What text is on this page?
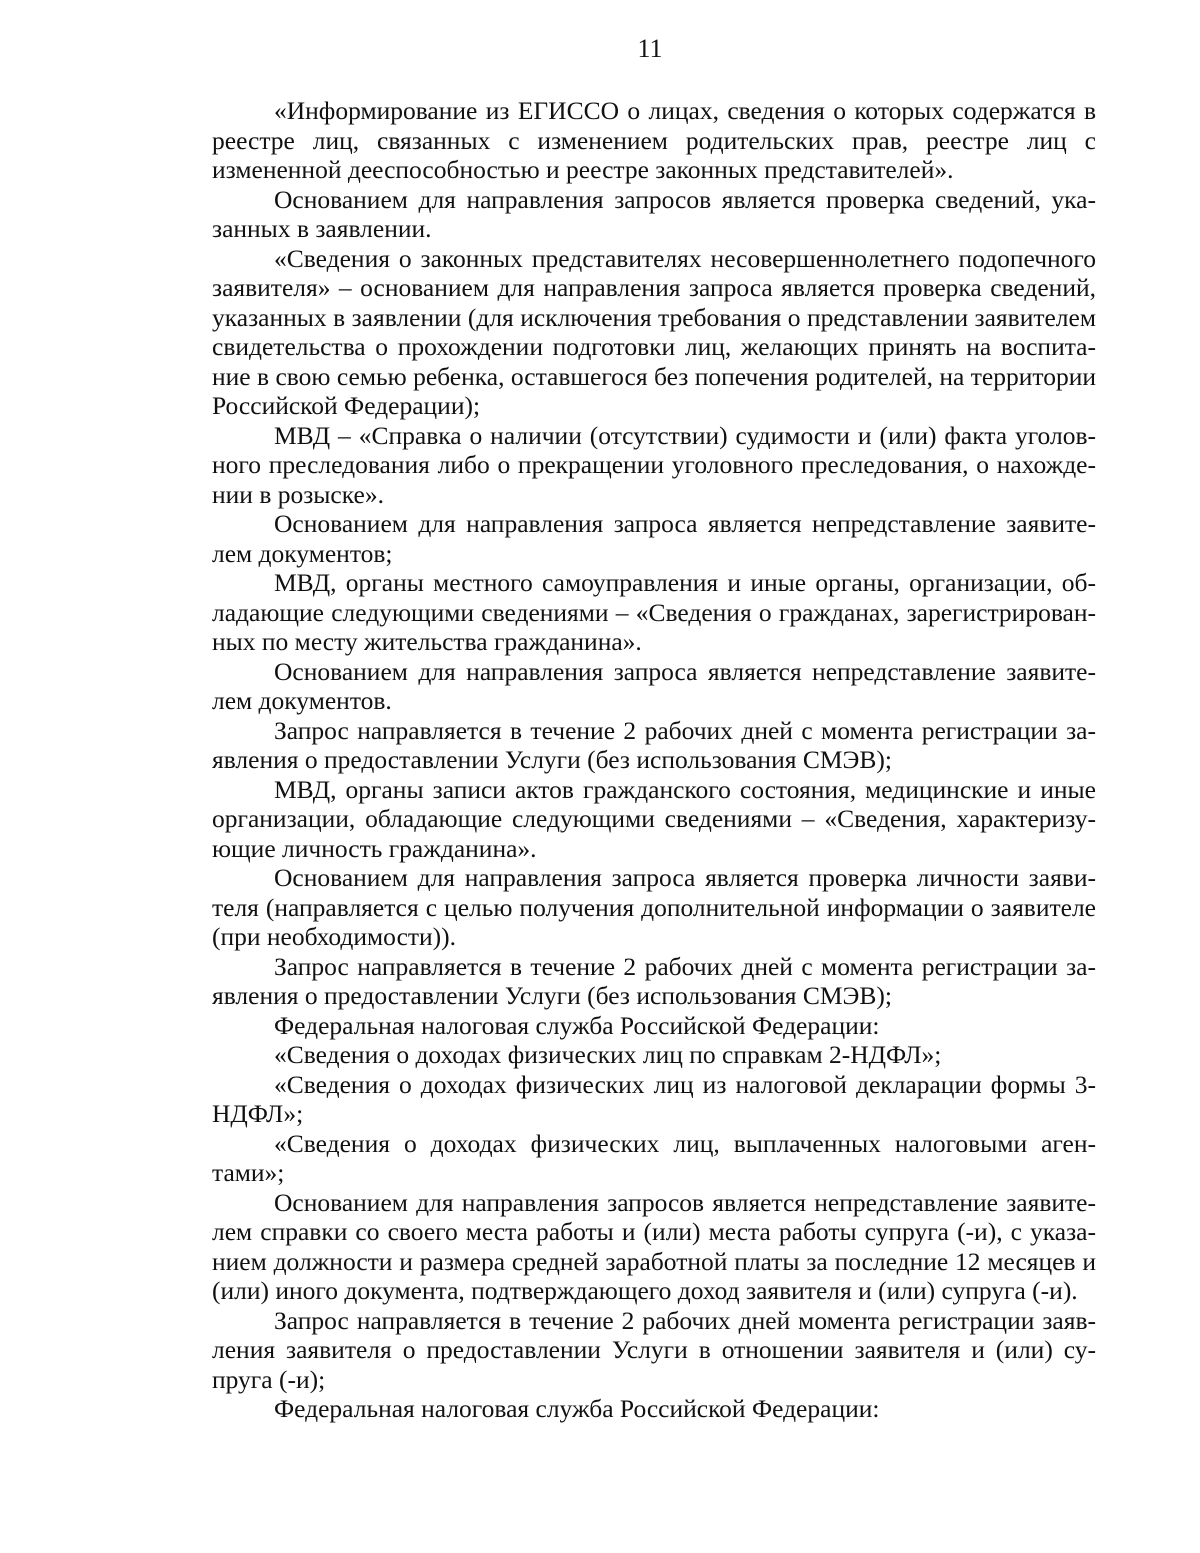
11

«Информирование из ЕГИССО о лицах, сведения о которых содержатся в реестре лиц, связанных с изменением родительских прав, реестре лиц с измененной дееспособностью и реестре законных представителей».

Основанием для направления запросов является проверка сведений, указанных в заявлении.

«Сведения о законных представителях несовершеннолетнего подопечного заявителя» – основанием для направления запроса является проверка сведений, указанных в заявлении (для исключения требования о представлении заявителем свидетельства о прохождении подготовки лиц, желающих принять на воспитание в свою семью ребенка, оставшегося без попечения родителей, на территории Российской Федерации);

МВД – «Справка о наличии (отсутствии) судимости и (или) факта уголовного преследования либо о прекращении уголовного преследования, о нахождении в розыске».

Основанием для направления запроса является непредставление заявителем документов;

МВД, органы местного самоуправления и иные органы, организации, обладающие следующими сведениями – «Сведения о гражданах, зарегистрированных по месту жительства гражданина».

Основанием для направления запроса является непредставление заявителем документов.

Запрос направляется в течение 2 рабочих дней с момента регистрации заявления о предоставлении Услуги (без использования СМЭВ);

МВД, органы записи актов гражданского состояния, медицинские и иные организации, обладающие следующими сведениями – «Сведения, характеризующие личность гражданина».

Основанием для направления запроса является проверка личности заявителя (направляется с целью получения дополнительной информации о заявителе (при необходимости)).

Запрос направляется в течение 2 рабочих дней с момента регистрации заявления о предоставлении Услуги (без использования СМЭВ);

Федеральная налоговая служба Российской Федерации:

«Сведения о доходах физических лиц по справкам 2-НДФЛ»;

«Сведения о доходах физических лиц из налоговой декларации формы 3-НДФЛ»;

«Сведения о доходах физических лиц, выплаченных налоговыми агентами»;

Основанием для направления запросов является непредставление заявителем справки со своего места работы и (или) места работы супруга (-и), с указанием должности и размера средней заработной платы за последние 12 месяцев и (или) иного документа, подтверждающего доход заявителя и (или) супруга (-и).

Запрос направляется в течение 2 рабочих дней момента регистрации заявления заявителя о предоставлении Услуги в отношении заявителя и (или) супруга (-и);

Федеральная налоговая служба Российской Федерации:
